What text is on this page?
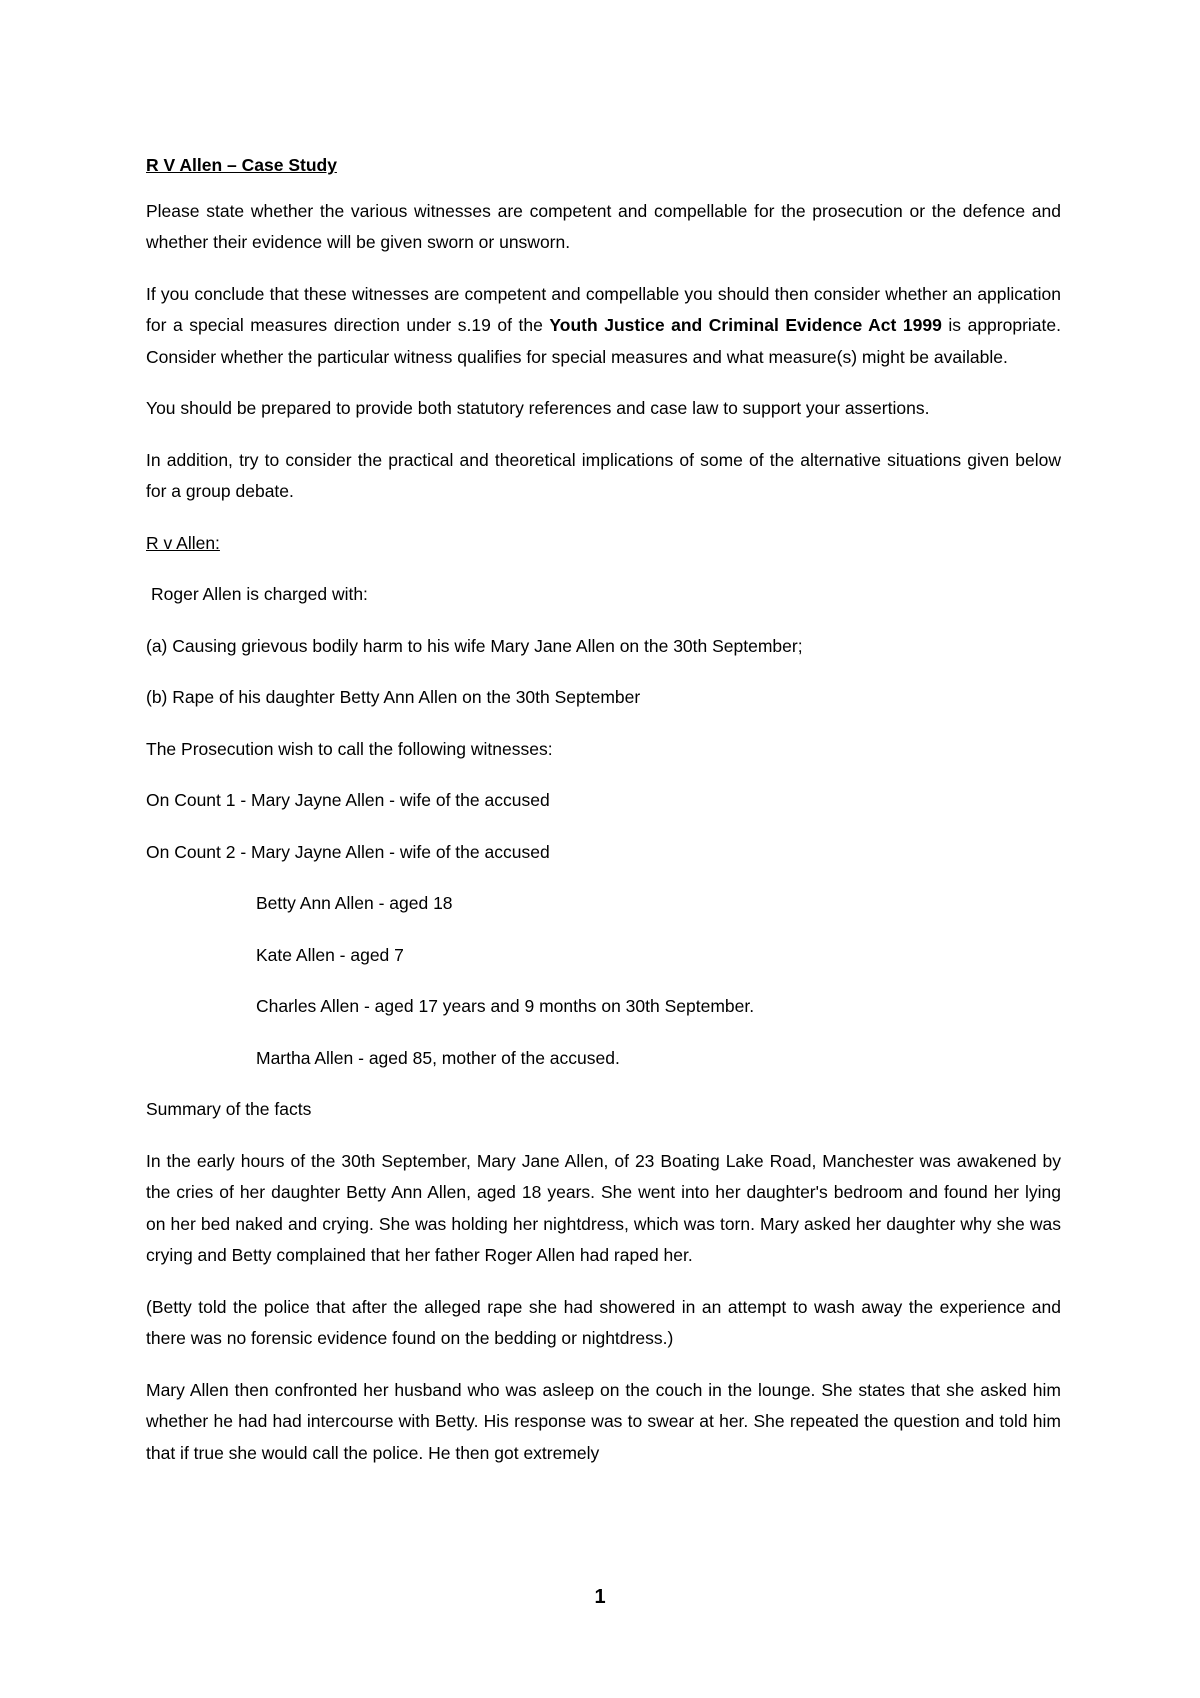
R V Allen – Case Study

Please state whether the various witnesses are competent and compellable for the prosecution or the defence and whether their evidence will be given sworn or unsworn.

If you conclude that these witnesses are competent and compellable you should then consider whether an application for a special measures direction under s.19 of the Youth Justice and Criminal Evidence Act 1999 is appropriate. Consider whether the particular witness qualifies for special measures and what measure(s) might be available.

You should be prepared to provide both statutory references and case law to support your assertions.

In addition, try to consider the practical and theoretical implications of some of the alternative situations given below for a group debate.

R v Allen:

Roger Allen is charged with:

(a) Causing grievous bodily harm to his wife Mary Jane Allen on the 30th September;

(b) Rape of his daughter Betty Ann Allen on the 30th September

The Prosecution wish to call the following witnesses:

On Count 1 - Mary Jayne Allen - wife of the accused

On Count 2 - Mary Jayne Allen - wife of the accused

Betty Ann Allen - aged 18

Kate Allen - aged 7

Charles Allen - aged 17 years and 9 months on 30th September.

Martha Allen - aged 85, mother of the accused.

Summary of the facts

In the early hours of the 30th September, Mary Jane Allen, of 23 Boating Lake Road, Manchester was awakened by the cries of her daughter Betty Ann Allen, aged 18 years. She went into her daughter's bedroom and found her lying on her bed naked and crying. She was holding her nightdress, which was torn. Mary asked her daughter why she was crying and Betty complained that her father Roger Allen had raped her.

(Betty told the police that after the alleged rape she had showered in an attempt to wash away the experience and there was no forensic evidence found on the bedding or nightdress.)

Mary Allen then confronted her husband who was asleep on the couch in the lounge. She states that she asked him whether he had had intercourse with Betty. His response was to swear at her. She repeated the question and told him that if true she would call the police. He then got extremely

1
